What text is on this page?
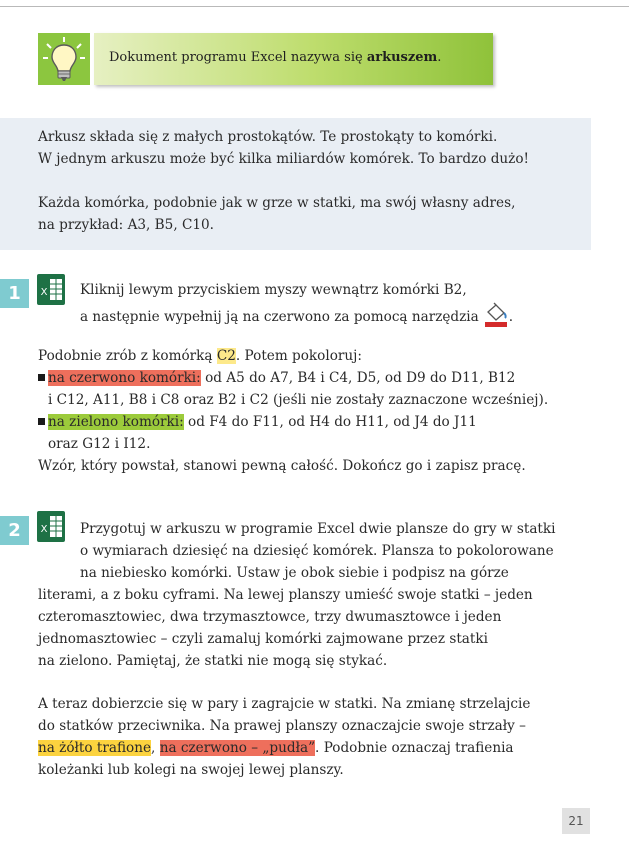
Dokument programu Excel nazywa się arkuszem.
Arkusz składa się z małych prostokątów. Te prostokąty to komórki.
W jednym arkuszu może być kilka miliardów komórek. To bardzo dużo!
Każda komórka, podobnie jak w grze w statki, ma swój własny adres,
na przykład: A3, B5, C10.
1	X Kliknij lewym przyciskiem myszy wewnątrz komórki B2,
a następnie wypełnij ją na czerwono za pomocą narzędzia .
Podobnie zrób z komórką C2. Potem pokoloruj:
na czerwono komórki: od A5 do A7, B4 i C4, D5, od D9 do D11, B12
i C12, A11, B8 i C8 oraz B2 i C2 (jeśli nie zostały zaznaczone wcześniej).
na zielono komórki: od F4 do F11, od H4 do H11, od J4 do J11
oraz G12 i I12.
Wzór, który powstał, stanowi pewną całość. Dokończ go i zapisz pracę.
2	X Przygotuj w arkuszu w programie Excel dwie plansze do gry w statki
o wymiarach dziesięć na dziesięć komórek. Plansza to pokolorowane
na niebiesko komórki. Ustaw je obok siebie i podpisz na górze
literami, a z boku cyframi. Na lewej planszy umieść swoje statki – jeden
czteromasztowiec, dwa trzymasztowce, trzy dwumasztowce i jeden
jednomasztowiec – czyli zamaluj komórki zajmowane przez statki
na zielono. Pamiętaj, że statki nie mogą się stykać.
A teraz dobierzcie się w pary i zagrajcie w statki. Na zmianę strzelajcie
do statków przeciwnika. Na prawej planszy oznaczajcie swoje strzały –
na żółto trafione, na czerwono – „pudła”. Podobnie oznaczaj trafienia
koleżanki lub kolegi na swojej lewej planszy.
21
